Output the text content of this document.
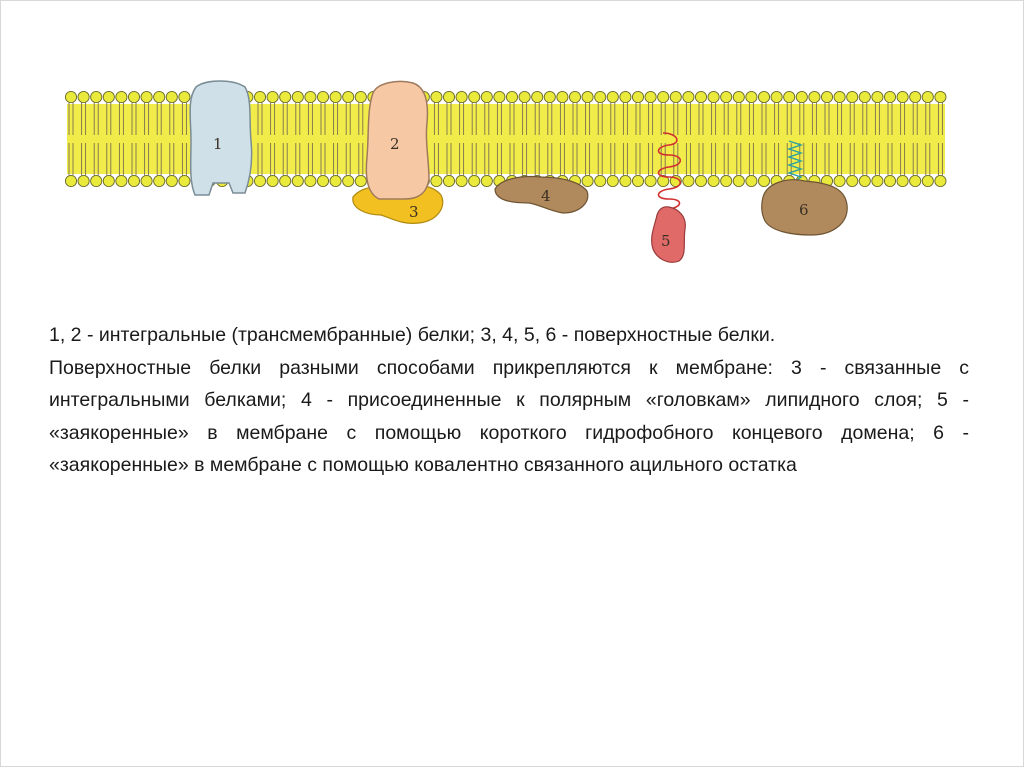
1
3
2
4
5
6

1, 2 - интегральные (трансмембранные) белки; 3, 4, 5, 6 - поверхностные белки.

Поверхностные белки разными способами прикрепляются к мембране: 3 - связанные с интегральными белками; 4 - присоединенные к полярным «головкам» липидного слоя; 5 - «заякоренные» в мембране с помощью короткого гидрофобного концевого домена; 6 - «заякоренные» в мембране с помощью ковалентно связанного ацильного остатка
